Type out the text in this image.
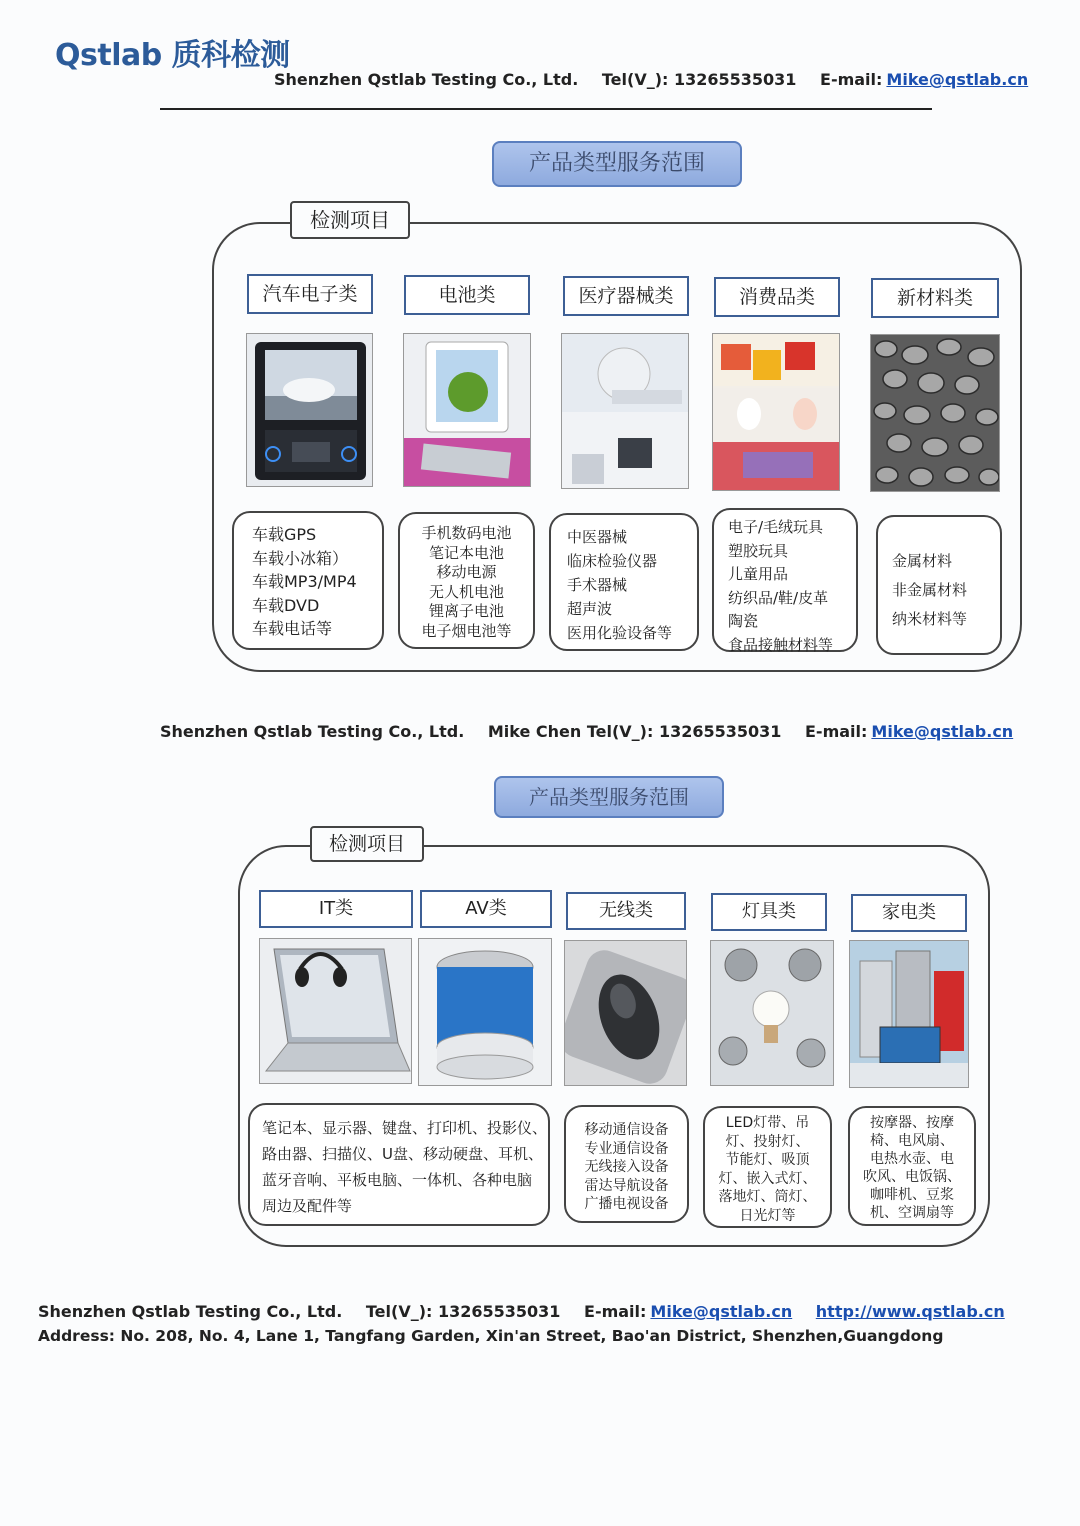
Qstlab 质科检测
Shenzhen Qstlab Testing Co., Ltd. Tel(V_): 13265535031 E-mail: Mike@qstlab.cn
产品类型服务范围
检测项目
汽车电子类	电池类	医疗器械类	消费品类	新材料类
车载GPS
车载小冰箱）
车载MP3/MP4
车载DVD
车载电话等
手机数码电池
笔记本电池
移动电源
无人机电池
锂离子电池
电子烟电池等
中医器械
临床检验仪器
手术器械
超声波
医用化验设备等
电子/毛绒玩具
塑胶玩具
儿童用品
纺织品/鞋/皮革
陶瓷
食品接触材料等
金属材料
非金属材料
纳米材料等
Shenzhen Qstlab Testing Co., Ltd. Mike Chen Tel(V_): 13265535031 E-mail: Mike@qstlab.cn
产品类型服务范围
检测项目
IT类	AV类	无线类	灯具类	家电类
笔记本、显示器、键盘、打印机、投影仪、
路由器、扫描仪、U盘、移动硬盘、耳机、
蓝牙音响、平板电脑、一体机、各种电脑
周边及配件等
移动通信设备
专业通信设备
无线接入设备
雷达导航设备
广播电视设备
LED灯带、吊
灯、投射灯、
节能灯、吸顶
灯、嵌入式灯、
落地灯、筒灯、
日光灯等
按摩器、按摩
椅、电风扇、
电热水壶、电
吹风、电饭锅、
咖啡机、豆浆
机、空调扇等
Shenzhen Qstlab Testing Co., Ltd. Tel(V_): 13265535031 E-mail: Mike@qstlab.cn http://www.qstlab.cn
Address: No. 208, No. 4, Lane 1, Tangfang Garden, Xin'an Street, Bao'an District, Shenzhen,Guangdong
